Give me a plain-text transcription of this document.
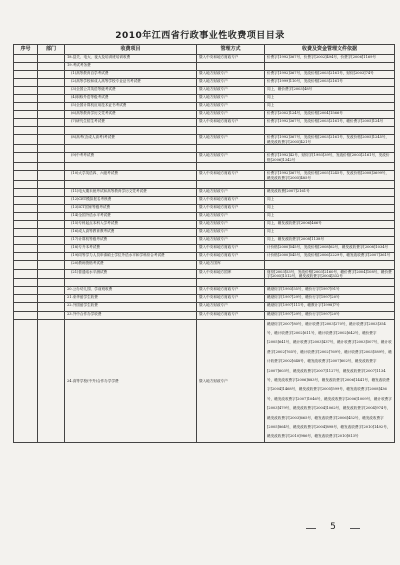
2010年江西省行政事业性收费项目目录
序号	部门	收费项目	管理方式	收费及资金管理文件依据
		18.县关、电大、夜大及培训班培训收费	缴入中央和地方财政专户	价费字[1992]367号，价费字[2002]494号，价费字[2006]1169号
		19.考试考务费		
		(1)高等教育自学考试费	缴入地方财政专户	价费字[1992]367号，发改价格[2003]2161号，财综[2003]74号
		(2)高等学校和成人高等学校专业证书考试费	缴入地方财政专户	价费字[1999]110号，发改价格[2003]2161号
		(3)全国公共英语等级考试费	缴入地方财政专户	同上，赣价费字[2003]48号
		(4)职称外语等级考试费	缴入地方财政专户	同上
		(5)全国计算机应用技术证书考试费	缴入地方财政专户	同上
		(6)高等教育学历文凭考试费	缴入地方财政专户	价费字[2002]124号，发改价格[2004]1566号
		(7)研究生招生考试费	缴入中央和地方财政专户	价费字[1992]367号，发改价格[2003]2161号，赣价费字[2005]124号

		(8)高考(含成人高考)考试费	缴入地方财政专户	价费字[1992]367号，发改价格[2003]2161号，发改价格[2005]1245号，赣发改收费字[2005]421号

		(9)中考考试费	缴入地方财政专户	价费字[1992]42号，财综字[1993]39号，发改价格[2003]2161号，发改价格[2006]1342号

		(10)大学英语四、六级考试费	缴入中央和地方财政专户	价费字[1992]367号，发改价格[2005]1245号，发改价格[2008]3699号，赣发改收费字[2005]485号

		(11)电大期末统考试和高等教育学历文凭考试费	缴入地方财政专户	赣发改收费[2007]2161号
		(12)CET模拟报名考核费	缴入中央和地方财政专户	同上
		(13)ICT国家等级考试费	缴入中央和地方财政专户	同上
		(14)全国外语水平考试费	缴入地方财政专户	同上
		(15)专科起点本科入学考试费	缴入地方财政专户	同上，赣发改收费字[2006]466号
		(16)成人高等教育教考试费	缴入地方财政专户	同上
		(17)计算机等级考试费	缴入地方财政专户	同上，赣发改收费字[2008]1138号
		(18)专升本考试费	缴入中央和地方财政专户	计价格[2000]545号，发改价格[2008]62号，赣发改收费字[2008]1034号
		(19)同等学力人员申请硕士学位外语水平和学科综合考试费	缴入中央和地方财政专户	计价格[2000]545号，发改价格[2006]2229号，赣发改收费字[2007]361号
		(20)教师资格考试费	缴入地方国库	
		(21)普通话水平测试费	缴入中央和地方国库	财综[2003]53号，发改价格[2003]2160号，赣价费字[2004]108号，赣价费字[2005]1512号，赣发改收费字[2004]332号

		20.公办幼儿园、学前班收费	缴入中央和地方财政专户	赣财综字[1993]55号，赣价行字[1997]91号
		21.来华留学生收费	缴入中央和地方财政专户	赣财综字[1997]29号，赣价行字[1997]20号
		22.外国留学生收费	缴入地方财政专户	赣财综字[1997]111号，赣教计字[1998]7号
		23.外中合作办学收费	缴入中央和地方财政专户	赣财综字[1997]29号，赣价行字[1997]20号
		24.高等学校(中外)合作办学学费	缴入地方财政专户	赣财综字[2007]80号，赣计收费字[2003]270号，赣计收费字[2003]354号，赣计收费字[2002]611号，赣计收费字[2002]642号，赣价费字[2005]641号，赣计收费字[2003]437号，赣计收费字[2003]507号，赣计收费字[2002]765号，赣计收费字[2002]769号，赣计收费字[2003]589号，赣计收费字[2002]648号，赣发改收费字[2007]602号，赣发改收费字[2007]603号，赣发改收费字[2007]1127号，赣发改收费字[2007]1134号，赣发改收费字[2006]883号，赣发改收费字[2006]1441号，赣发改收费字[2004]1468号，赣发改收费字[2005]599号，赣发改收费字[2008]436号，赣发改收费字[2007]1046号，赣发改收费字[2006]1009号，赣计收费字[2003]479号，赣发改收费字[2004]1062号，赣发改收费字[2004]974号，赣发改收费字[2003]665号，赣发改收费字[2006]452号，赣发改收费字[2005]864号，赣发改收费字[2004]898号，赣发改收费字[2010]1492号，赣发改收费字[2010]986号，赣发改收费字[2010]813号
5
